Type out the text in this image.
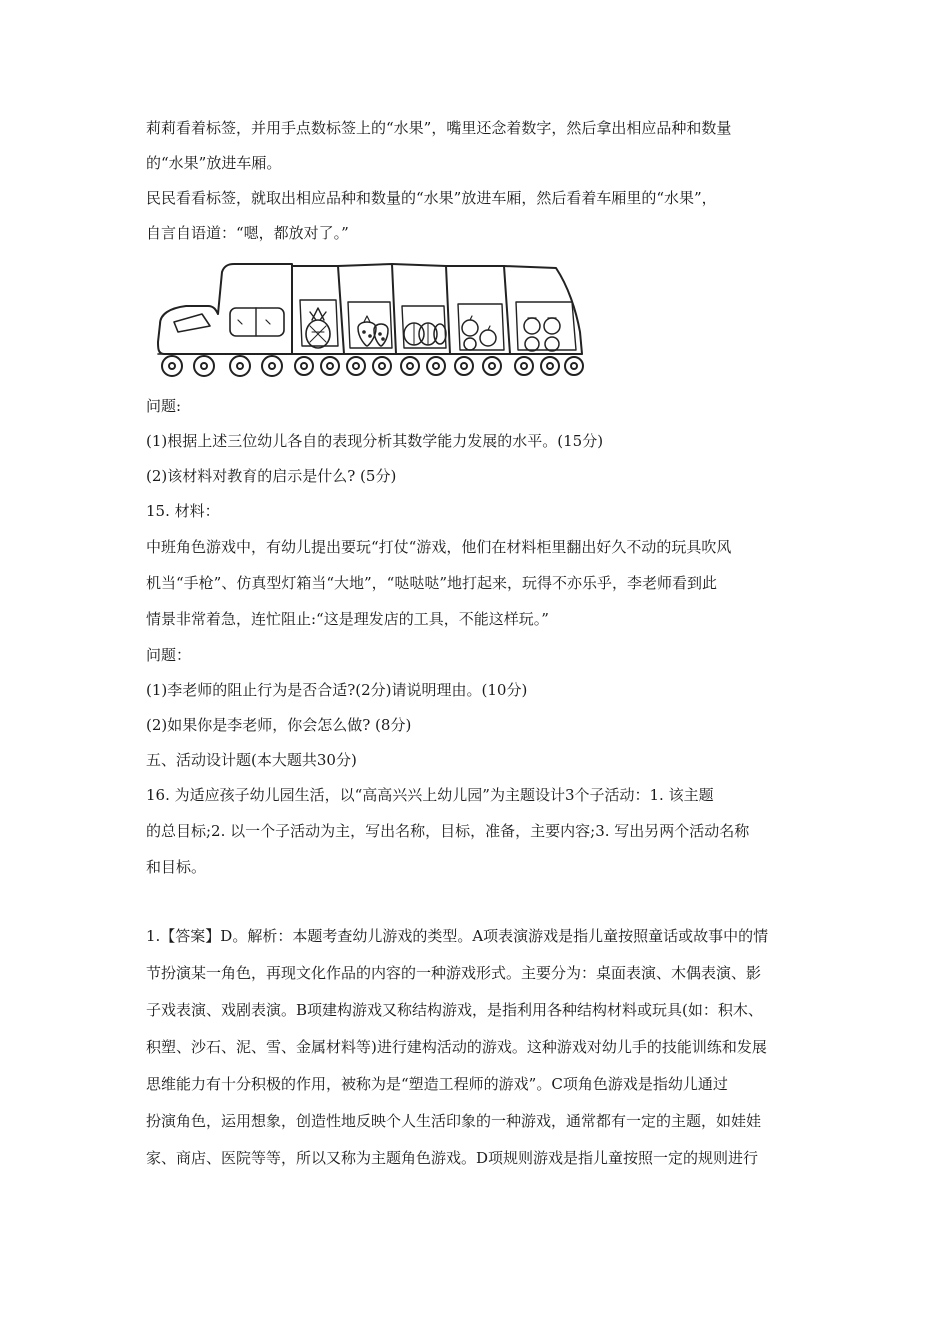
莉莉看着标签，并用手点数标签上的“水果”，嘴里还念着数字，然后拿出相应品种和数量
的“水果”放进车厢。
民民看看标签，就取出相应品种和数量的“水果”放进车厢，然后看着车厢里的“水果”，
自言自语道：“嗯，都放对了。”
问题:
(1)根据上述三位幼儿各自的表现分析其数学能力发展的水平。(15分)
(2)该材料对教育的启示是什么? (5分)
15. 材料：
中班角色游戏中，有幼儿提出要玩“打仗“游戏，他们在材料柜里翻出好久不动的玩具吹风
机当“手枪”、仿真型灯箱当“大地”，“哒哒哒”地打起来，玩得不亦乐乎，李老师看到此
情景非常着急，连忙阻止:“这是理发店的工具，不能这样玩。”
问题：
(1)李老师的阻止行为是否合适?(2分)请说明理由。(10分)
(2)如果你是李老师，你会怎么做? (8分)
五、活动设计题(本大题共30分)
16. 为适应孩子幼儿园生活，以“高高兴兴上幼儿园”为主题设计3个子活动：1. 该主题
的总目标;2. 以一个子活动为主，写出名称，目标，准备，主要内容;3. 写出另两个活动名称
和目标。
1.【答案】D。解析：本题考查幼儿游戏的类型。A项表演游戏是指儿童按照童话或故事中的情
节扮演某一角色，再现文化作品的内容的一种游戏形式。主要分为：桌面表演、木偶表演、影
子戏表演、戏剧表演。B项建构游戏又称结构游戏，是指利用各种结构材料或玩具(如：积木、
积塑、沙石、泥、雪、金属材料等)进行建构活动的游戏。这种游戏对幼儿手的技能训练和发展
思维能力有十分积极的作用，被称为是“塑造工程师的游戏”。C项角色游戏是指幼儿通过
扮演角色，运用想象，创造性地反映个人生活印象的一种游戏，通常都有一定的主题，如娃娃
家、商店、医院等等，所以又称为主题角色游戏。D项规则游戏是指儿童按照一定的规则进行
